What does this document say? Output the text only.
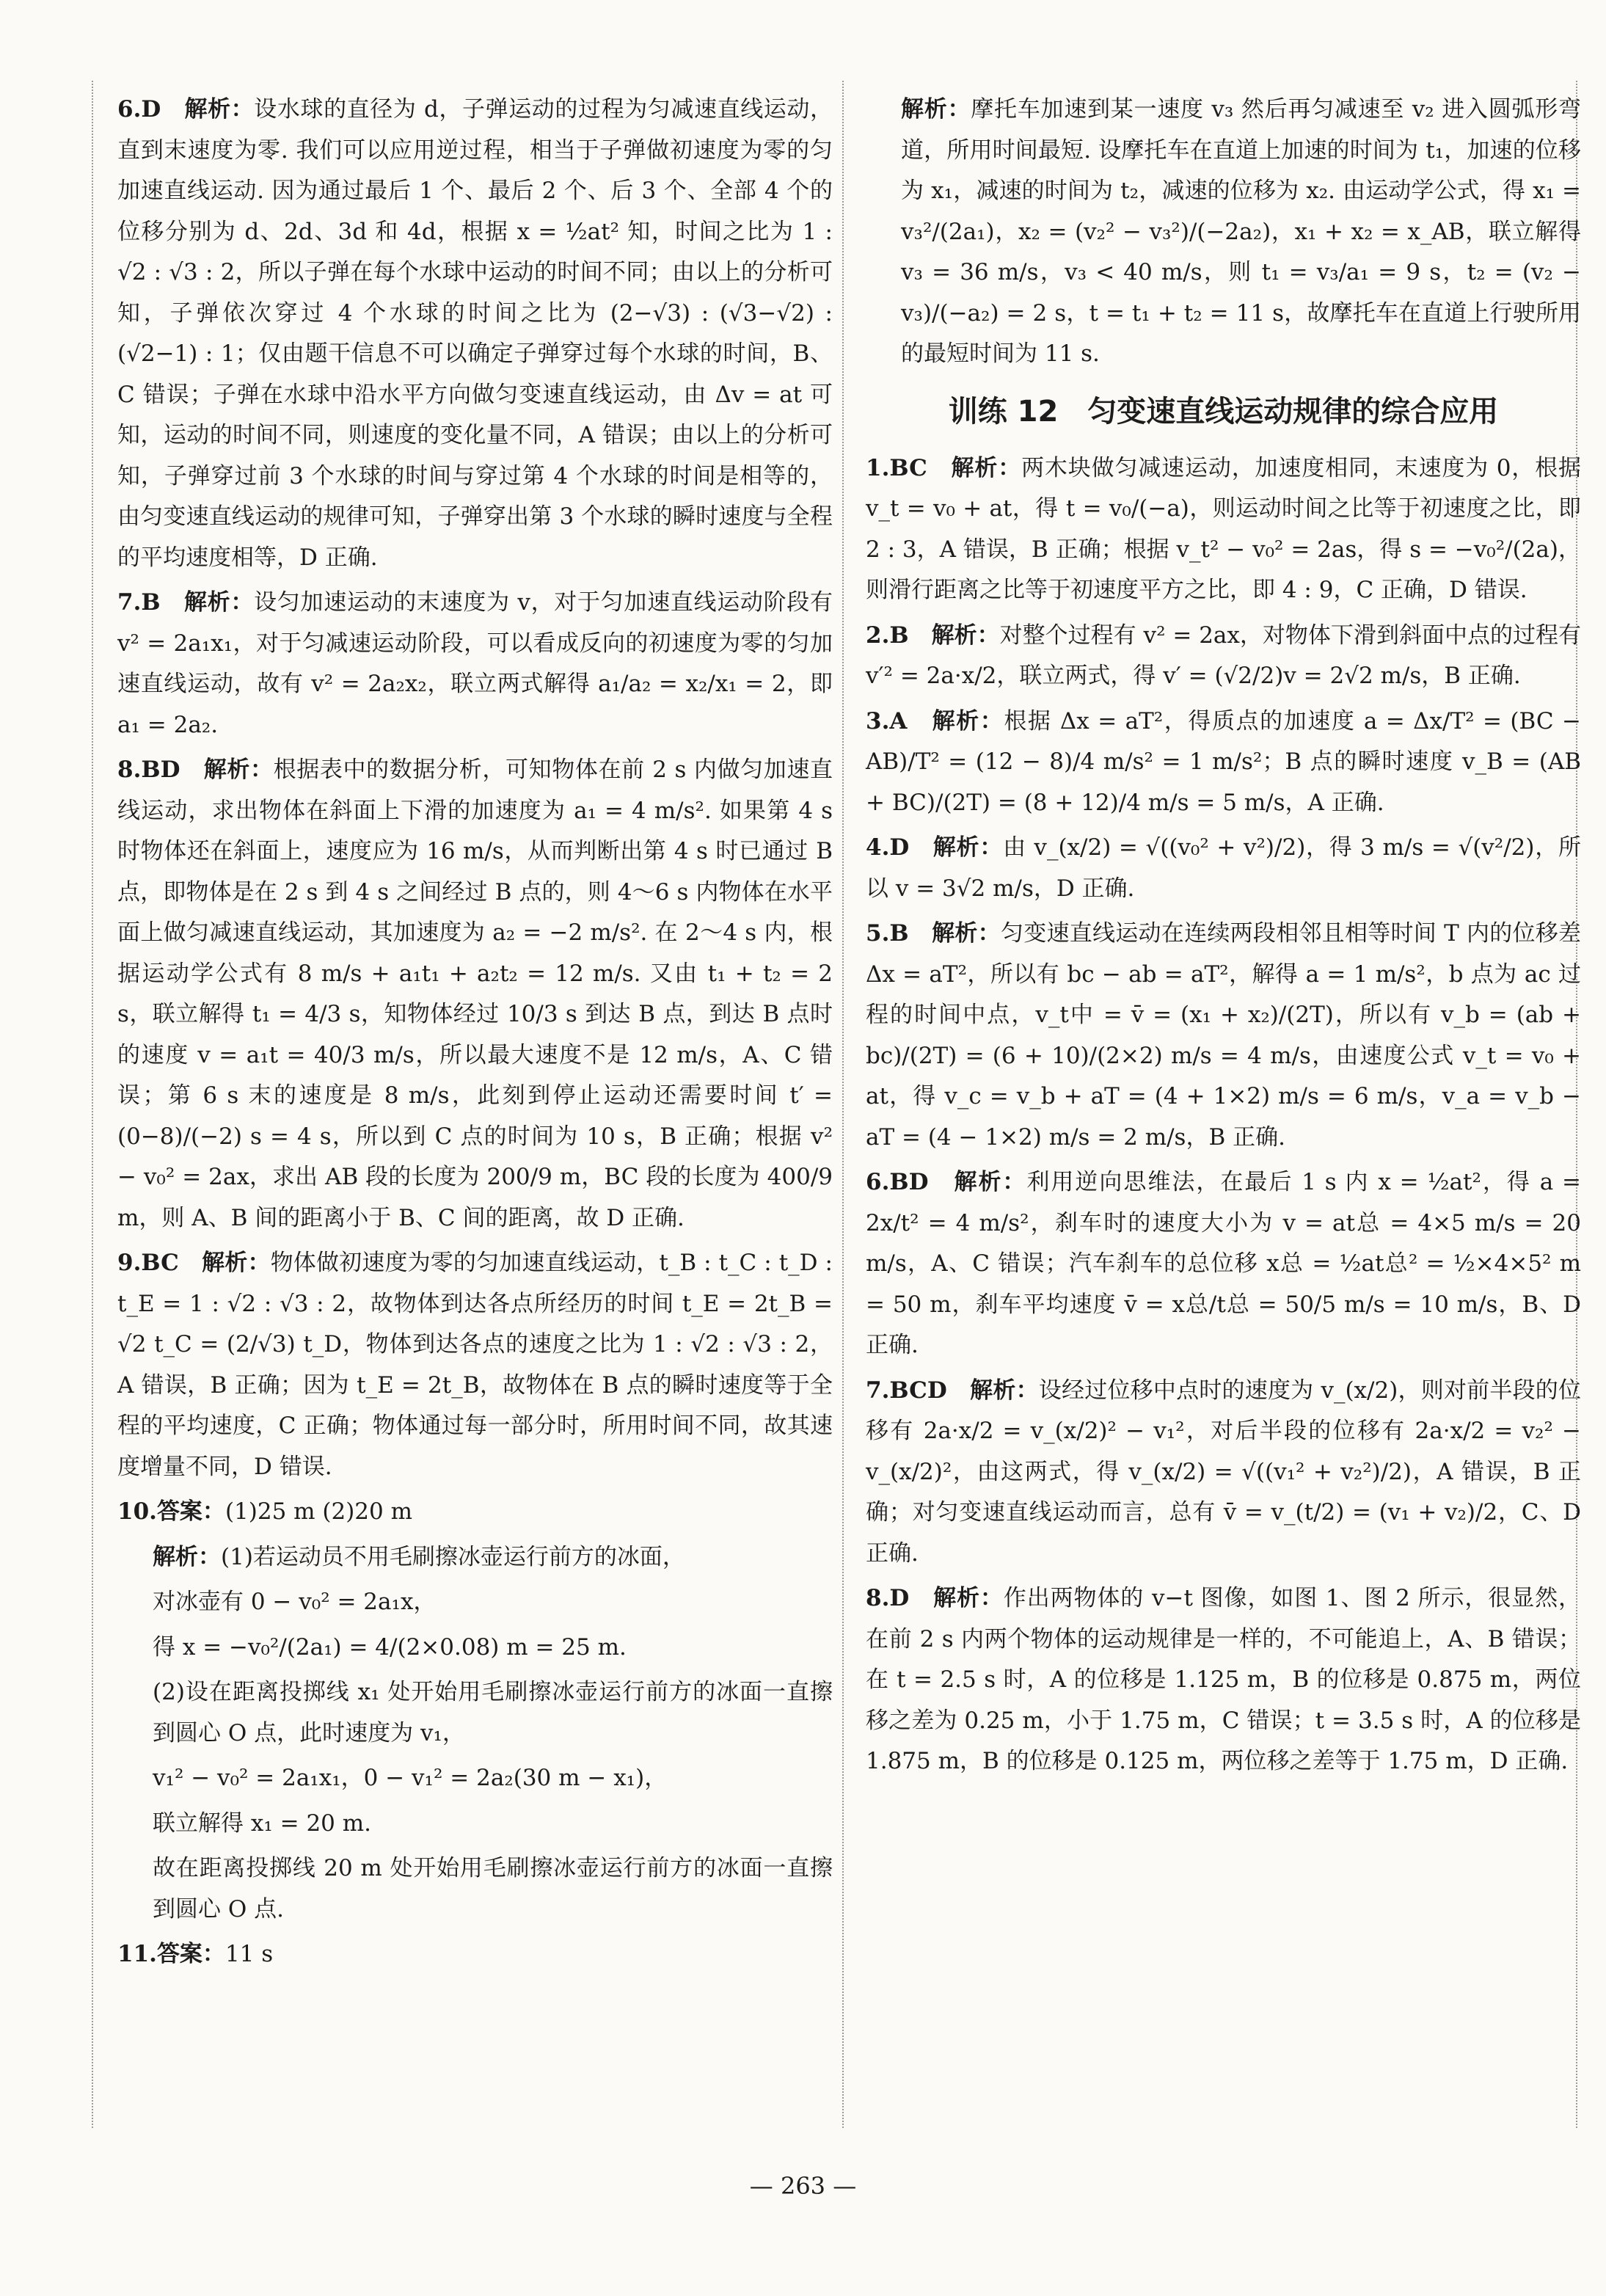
6.D　 解析：设水球的直径为 d，子弹运动的过程为匀减速直线运动，直到末速度为零. 我们可以应用逆过程，相当于子弹做初速度为零的匀加速直线运动. 因为通过最后 1 个、最后 2 个、后 3 个、全部 4 个的位移分别为 d、2d、3d 和 4d，根据 x = ½at² 知，时间之比为 1 : √2 : √3 : 2，所以子弹在每个水球中运动的时间不同；由以上的分析可知，子弹依次穿过 4 个水球的时间之比为 (2−√3) : (√3−√2) : (√2−1) : 1；仅由题干信息不可以确定子弹穿过每个水球的时间，B、C 错误；子弹在水球中沿水平方向做匀变速直线运动，由 Δv = at 可知，运动的时间不同，则速度的变化量不同，A 错误；由以上的分析可知，子弹穿过前 3 个水球的时间与穿过第 4 个水球的时间是相等的，由匀变速直线运动的规律可知，子弹穿出第 3 个水球的瞬时速度与全程的平均速度相等，D 正确.

7.B　 解析：设匀加速运动的末速度为 v，对于匀加速直线运动阶段有 v² = 2a₁x₁，对于匀减速运动阶段，可以看成反向的初速度为零的匀加速直线运动，故有 v² = 2a₂x₂，联立两式解得 a₁/a₂ = x₂/x₁ = 2，即 a₁ = 2a₂.

8.BD　 解析：根据表中的数据分析，可知物体在前 2 s 内做匀加速直线运动，求出物体在斜面上下滑的加速度为 a₁ = 4 m/s². 如果第 4 s 时物体还在斜面上，速度应为 16 m/s，从而判断出第 4 s 时已通过 B 点，即物体是在 2 s 到 4 s 之间经过 B 点的，则 4～6 s 内物体在水平面上做匀减速直线运动，其加速度为 a₂ = −2 m/s². 在 2～4 s 内，根据运动学公式有 8 m/s + a₁t₁ + a₂t₂ = 12 m/s. 又由 t₁ + t₂ = 2 s，联立解得 t₁ = 4/3 s，知物体经过 10/3 s 到达 B 点，到达 B 点时的速度 v = a₁t = 40/3 m/s，所以最大速度不是 12 m/s，A、C 错误；第 6 s 末的速度是 8 m/s，此刻到停止运动还需要时间 t′ = (0−8)/(−2) s = 4 s，所以到 C 点的时间为 10 s，B 正确；根据 v² − v₀² = 2ax，求出 AB 段的长度为 200/9 m，BC 段的长度为 400/9 m，则 A、B 间的距离小于 B、C 间的距离，故 D 正确.

9.BC　 解析：物体做初速度为零的匀加速直线运动，t_B : t_C : t_D : t_E = 1 : √2 : √3 : 2，故物体到达各点所经历的时间 t_E = 2t_B = √2 t_C = (2/√3) t_D，物体到达各点的速度之比为 1 : √2 : √3 : 2，A 错误，B 正确；因为 t_E = 2t_B，故物体在 B 点的瞬时速度等于全程的平均速度，C 正确；物体通过每一部分时，所用时间不同，故其速度增量不同，D 错误.

10.答案：(1)25 m (2)20 m

解析：(1)若运动员不用毛刷擦冰壶运行前方的冰面，

对冰壶有 0 − v₀² = 2a₁x，

得 x = −v₀²/(2a₁) = 4/(2×0.08) m = 25 m.

(2)设在距离投掷线 x₁ 处开始用毛刷擦冰壶运行前方的冰面一直擦到圆心 O 点，此时速度为 v₁，

v₁² − v₀² = 2a₁x₁，0 − v₁² = 2a₂(30 m − x₁)，

联立解得 x₁ = 20 m.

故在距离投掷线 20 m 处开始用毛刷擦冰壶运行前方的冰面一直擦到圆心 O 点.

11.答案：11 s

解析：摩托车加速到某一速度 v₃ 然后再匀减速至 v₂ 进入圆弧形弯道，所用时间最短. 设摩托车在直道上加速的时间为 t₁，加速的位移为 x₁，减速的时间为 t₂，减速的位移为 x₂. 由运动学公式，得 x₁ = v₃²/(2a₁)，x₂ = (v₂² − v₃²)/(−2a₂)，x₁ + x₂ = x_AB，联立解得 v₃ = 36 m/s，v₃ < 40 m/s，则 t₁ = v₃/a₁ = 9 s，t₂ = (v₂ − v₃)/(−a₂) = 2 s，t = t₁ + t₂ = 11 s，故摩托车在直道上行驶所用的最短时间为 11 s.

训练 12　匀变速直线运动规律的综合应用

1.BC　 解析：两木块做匀减速运动，加速度相同，末速度为 0，根据 v_t = v₀ + at，得 t = v₀/(−a)，则运动时间之比等于初速度之比，即 2 : 3，A 错误，B 正确；根据 v_t² − v₀² = 2as，得 s = −v₀²/(2a)，则滑行距离之比等于初速度平方之比，即 4 : 9，C 正确，D 错误.

2.B　 解析：对整个过程有 v² = 2ax，对物体下滑到斜面中点的过程有 v′² = 2a·x/2，联立两式，得 v′ = (√2/2)v = 2√2 m/s，B 正确.

3.A　 解析：根据 Δx = aT²，得质点的加速度 a = Δx/T² = (BC − AB)/T² = (12 − 8)/4 m/s² = 1 m/s²；B 点的瞬时速度 v_B = (AB + BC)/(2T) = (8 + 12)/4 m/s = 5 m/s，A 正确.

4.D　 解析：由 v_(x/2) = √((v₀² + v²)/2)，得 3 m/s = √(v²/2)，所以 v = 3√2 m/s，D 正确.

5.B　 解析：匀变速直线运动在连续两段相邻且相等时间 T 内的位移差 Δx = aT²，所以有 bc − ab = aT²，解得 a = 1 m/s²，b 点为 ac 过程的时间中点，v_t中 = v̄ = (x₁ + x₂)/(2T)，所以有 v_b = (ab + bc)/(2T) = (6 + 10)/(2×2) m/s = 4 m/s，由速度公式 v_t = v₀ + at，得 v_c = v_b + aT = (4 + 1×2) m/s = 6 m/s，v_a = v_b − aT = (4 − 1×2) m/s = 2 m/s，B 正确.

6.BD　 解析：利用逆向思维法，在最后 1 s 内 x = ½at²，得 a = 2x/t² = 4 m/s²，刹车时的速度大小为 v = at总 = 4×5 m/s = 20 m/s，A、C 错误；汽车刹车的总位移 x总 = ½at总² = ½×4×5² m = 50 m，刹车平均速度 v̄ = x总/t总 = 50/5 m/s = 10 m/s，B、D 正确.

7.BCD　 解析：设经过位移中点时的速度为 v_(x/2)，则对前半段的位移有 2a·x/2 = v_(x/2)² − v₁²，对后半段的位移有 2a·x/2 = v₂² − v_(x/2)²，由这两式，得 v_(x/2) = √((v₁² + v₂²)/2)，A 错误，B 正确；对匀变速直线运动而言，总有 v̄ = v_(t/2) = (v₁ + v₂)/2，C、D 正确.

8.D　 解析：作出两物体的 v−t 图像，如图 1、图 2 所示，很显然，在前 2 s 内两个物体的运动规律是一样的，不可能追上，A、B 错误；在 t = 2.5 s 时，A 的位移是 1.125 m，B 的位移是 0.875 m，两位移之差为 0.25 m，小于 1.75 m，C 错误；t = 3.5 s 时，A 的位移是 1.875 m，B 的位移是 0.125 m，两位移之差等于 1.75 m，D 正确.

— 263 —
